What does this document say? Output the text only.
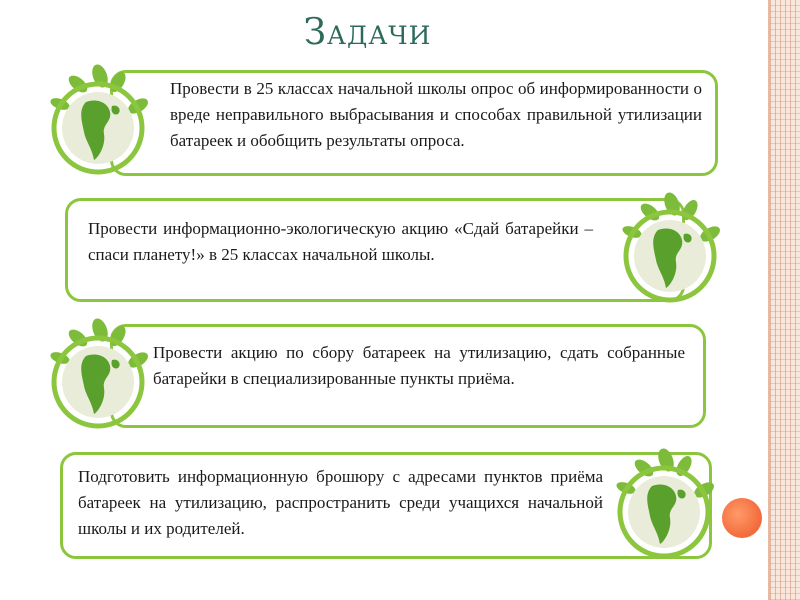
Задачи

Провести в 25 классах начальной школы опрос об информированности о вреде неправильного выбрасывания и способах правильной утилизации батареек и обобщить результаты опроса.

Провести информационно-экологическую акцию «Сдай батарейки – спаси планету!» в 25 классах начальной школы.

Провести акцию по сбору батареек на утилизацию, сдать собранные батарейки в специализированные пункты приёма.

Подготовить информационную брошюру с адресами пунктов приёма батареек на утилизацию, распространить среди учащихся начальной школы и их родителей.
